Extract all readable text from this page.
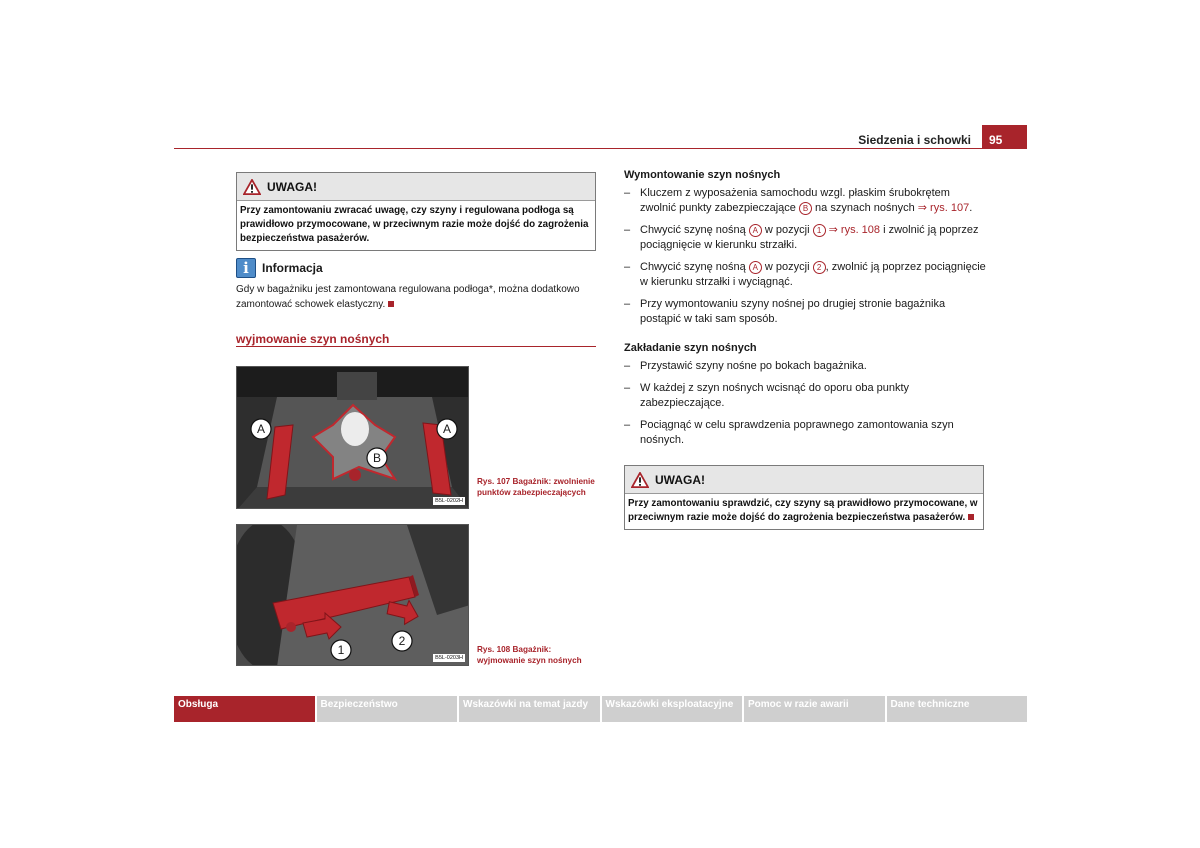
Siedzenia i schowki	95
UWAGA!
Przy zamontowaniu zwracać uwagę, czy szyny i regulowana podłoga są prawidłowo przymocowane, w przeciwnym razie może dojść do zagrożenia bezpieczeństwa pasażerów.
i	Informacja
Gdy w bagażniku jest zamontowana regulowana podłoga*, można dodatkowo zamontować schowek elastyczny.
wyjmowanie szyn nośnych
A	A
B
B5L-0202H
Rys. 107 Bagażnik: zwolnienie punktów zabezpieczających
1
2
B5L-0203H
Rys. 108 Bagażnik: wyjmowanie szyn nośnych
Wymontowanie szyn nośnych
– Kluczem z wyposażenia samochodu wzgl. płaskim śrubokrętem zwolnić punkty zabezpieczające B na szynach nośnych ⇒ rys. 107.
– Chwycić szynę nośną A w pozycji 1 ⇒ rys. 108 i zwolnić ją poprzez pociągnięcie w kierunku strzałki.
– Chwycić szynę nośną A w pozycji 2 , zwolnić ją poprzez pociągnięcie w kierunku strzałki i wyciągnąć.
– Przy wymontowaniu szyny nośnej po drugiej stronie bagażnika postąpić w taki sam sposób.
Zakładanie szyn nośnych
– Przystawić szyny nośne po bokach bagażnika.
– W każdej z szyn nośnych wcisnąć do oporu oba punkty zabezpieczające.
– Pociągnąć w celu sprawdzenia poprawnego zamontowania szyn nośnych.
UWAGA!
Przy zamontowaniu sprawdzić, czy szyny są prawidłowo przymocowane, w przeciwnym razie może dojść do zagrożenia bezpieczeństwa pasażerów.
Obsługa	Bezpieczeństwo	Wskazówki na temat jazdy	Wskazówki eksploatacyjne	Pomoc w razie awarii	Dane techniczne
